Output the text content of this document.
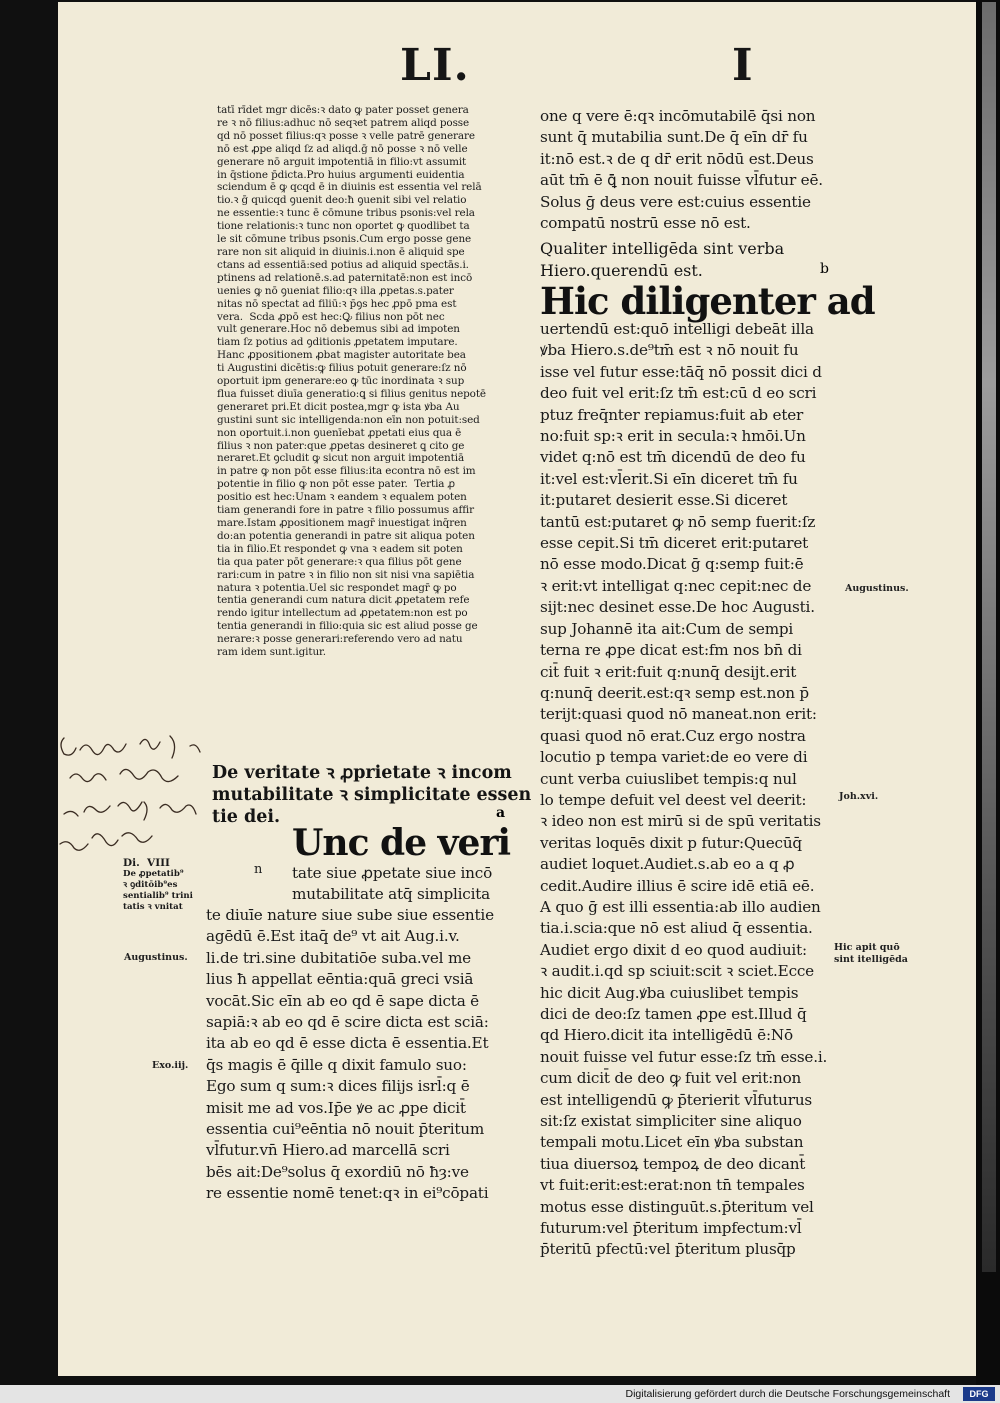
LI.	I
tatī rīdet mgr dicēs:ꝛ dato ꝙ pater posset genera
re ꝛ nō filius:adhuc nō seqꝛet patrem aliqd posse
qd nō posset filius:qꝛ posse ꝛ velle patrē generare
nō est ꝓpe aliqd ſz ad aliqd.ḡ nō posse ꝛ nō velle
generare nō arguit impotentiā in filio:vt assumit
in q̄stione p̄dicta.Pro huius argumenti euidentia
sciendum ē ꝙ qcqd ē in diuinis est essentia vel relā
tio.ꝛ ḡ quicqd ꝯuenit deo:ħ ꝯuenit sibi vel relatio
ne essentie:ꝛ tunc ē cōmune tribus psonis:vel rela
tione relationis:ꝛ tunc non oportet ꝙ quodlibet ta
le sit cōmune tribus psonis.Cum ergo posse gene
rare non sit aliquid in diuinis.i.non ē aliquid spe
ctans ad essentiā:sed potius ad aliquid spectās.i.
ptinens ad relationē.s.ad paternitatē:non est incō
uenies ꝙ nō ꝯueniat filio:qꝛ illa ꝓpetas.s.pater
nitas nō spectat ad filiū:ꝛ p̄ꝯs hec ꝓpō pma est
vera.  Scda ꝓpō est hec:Ꝙ filius non pōt nec
vult generare.Hoc nō debemus sibi ad impoten
tiam ſz potius ad ꝯditionis ꝓpetatem imputare.
Hanc ꝓpositionem ꝓbat magister autoritate bea
ti Augustini dicētis:ꝙ filius potuit generare:ſz nō
oportuit ipm generare:eo ꝙ tūc inordinata ꝛ sup
flua fuisset diuīa generatio:ꝗ si filius genitus nepotē
generaret pri.Et dicit postea,mgr ꝙ ista ꝟba Au
gustini sunt sic intelligenda:non eīn non potuit:sed
non oportuit.i.non ꝯuenīebat ꝓpetati eius qua ē
filius ꝛ non pater:que ꝓpetas desineret ꝗ cito ge
neraret.Et ꝯcludit ꝙ sicut non arguit impotentiā
in patre ꝙ non pōt esse filius:ita econtra nō est im
potentie in filio ꝙ non pōt esse pater.  Tertia ꝓ
positio est hec:Unam ꝛ eandem ꝛ equalem poten
tiam generandi fore in patre ꝛ filio possumus affir
mare.Istam ꝓpositionem magr̄ inuestigat inq̄ren
do:an potentia generandi in patre sit aliqua poten
tia in filio.Et respondet ꝙ vna ꝛ eadem sit poten
tia qua pater pōt generare:ꝛ qua filius pōt gene
rari:cum in patre ꝛ in filio non sit nisi vna sapiētia
natura ꝛ potentia.Uel sic respondet magr̄ ꝙ po
tentia generandi cum natura dicit ꝓpetatem refe
rendo igitur intellectum ad ꝓpetatem:non est po
tentia generandi in filio:quia sic est aliud posse ge
nerare:ꝛ posse generari:referendo vero ad natu
ram idem sunt.igitur.
De veritate ꝛ ꝓprietate ꝛ incom
mutabilitate ꝛ simplicitate essen
tie dei.	a
Unc de veri
n tate siue ꝓpetate siue incō
mutabilitate atq̄ simplicita
te diuīe nature siue sube siue essentie
agēdū ē.Est itaq̄ de⁹ vt ait Aug.i.v.
li.de tri.sine dubitatiōe suba.vel me
lius ħ appellat eēntia:quā greci vsiā
vocāt.Sic eīn ab eo qd ē sape dicta ē
sapiā:ꝛ ab eo qd ē scire dicta est sciā:
ita ab eo qd ē esse dicta ē essentia.Et
q̄s magis ē q̄ille q dixit famulo suo:
Ego sum q sum:ꝛ dices filijs isrl̄:q ē
misit me ad vos.Ip̄e ꝟe ac ꝓpe dicit̄
essentia cui⁹eēntia nō nouit p̄teritum
vl̄futur.vn̄ Hiero.ad marcellā scri
bēs ait:De⁹solus q̄ exordiū nō ħȝ:ve
re essentie nomē tenet:qꝛ in ei⁹cōpati
one q vere ē:qꝛ incōmutabilē q̄si non
sunt q̄ mutabilia sunt.De q̄ eīn dr̄ fu
it:nō est.ꝛ de q dr̄ erit nōdū est.Deus
aūt tm̄ ē ꝗ̄ non nouit fuisse vl̄futur eē.
Solus ḡ deus vere est:cuius essentie
compatū nostrū esse nō est.
Qualiter intelligēda sint verba
Hiero.querendū est.	b
Hic diligenter ad
uertendū est:quō intelligi debeāt illa
ꝟba Hiero.s.de⁹tm̄ est ꝛ nō nouit fu
isse vel futur esse:tāq̄ nō possit dici d
deo fuit vel erit:ſz tm̄ est:cū d eo scri
ptuz freq̄nter repiamus:fuit ab eter
no:fuit sp:ꝛ erit in secula:ꝛ hmōi.Un
videt q:nō est tm̄ dicendū de deo fu
it:vel est:vl̄erit.Si eīn diceret tm̄ fu
it:putaret desierit esse.Si diceret
tantū est:putaret ꝙ nō semp fuerit:ſz
esse cepit.Si tm̄ diceret erit:putaret
nō esse modo.Dicat ḡ q:semp fuit:ē
ꝛ erit:vt intelligat q:nec cepit:nec de
sijt:nec desinet esse.De hoc Augusti.
sup Johannē ita ait:Cum de sempi
terna re ꝓpe dicat est:fm nos bn̄ di
cit̄ fuit ꝛ erit:fuit q:nunq̄ desijt.erit
q:nunq̄ deerit.est:qꝛ semp est.non p̄
terijt:quasi quod nō maneat.non erit:
quasi quod nō erat.Cuz ergo nostra
locutio p tempa variet:de eo vere di
cunt verba cuiuslibet tempis:q nul
lo tempe defuit vel deest vel deerit:
ꝛ ideo non est mirū si de spū veritatis
veritas loquēs dixit p futur:Quecūq̄
audiet loquet.Audiet.s.ab eo a q ꝓ
cedit.Audire illius ē scire idē etiā eē.
A quo ḡ est illi essentia:ab illo audien
tia.i.scia:que nō est aliud q̄ essentia.
Audiet ergo dixit d eo quod audiuit:
ꝛ audit.i.qd sp sciuit:scit ꝛ sciet.Ecce
hic dicit Aug.ꝟba cuiuslibet tempis
dici de deo:ſz tamen ꝓpe est.Illud q̄
qd Hiero.dicit ita intelligēdū ē:Nō
nouit fuisse vel futur esse:ſz tm̄ esse.i.
cum dicit̄ de deo ꝙ fuit vel erit:non
est intelligendū ꝙ p̄terierit vl̄futurus
sit:ſz existat simpliciter sine aliquo
tempali motu.Licet eīn ꝟba substan
tiua diuersoꝝ tempoꝝ de deo dicant̄
vt fuit:erit:est:erat:non tn̄ tempales
motus esse distinguūt.s.p̄teritum vel
futurum:vel p̄teritum impfectum:vl̄
p̄teritū pfectū:vel p̄teritum plusq̄p
Augustinus.
Joh.xvi.
Hic apit quō
sint itelligēda
Di.  VIII
De ꝓpetatib⁹
ꝛ ꝯditōib⁹es
sentialib⁹ trini
tatis ꝛ vnitat
Augustinus.
Exo.iij.
Digitalisierung gefördert durch die Deutsche Forschungsgemeinschaft	DFG
